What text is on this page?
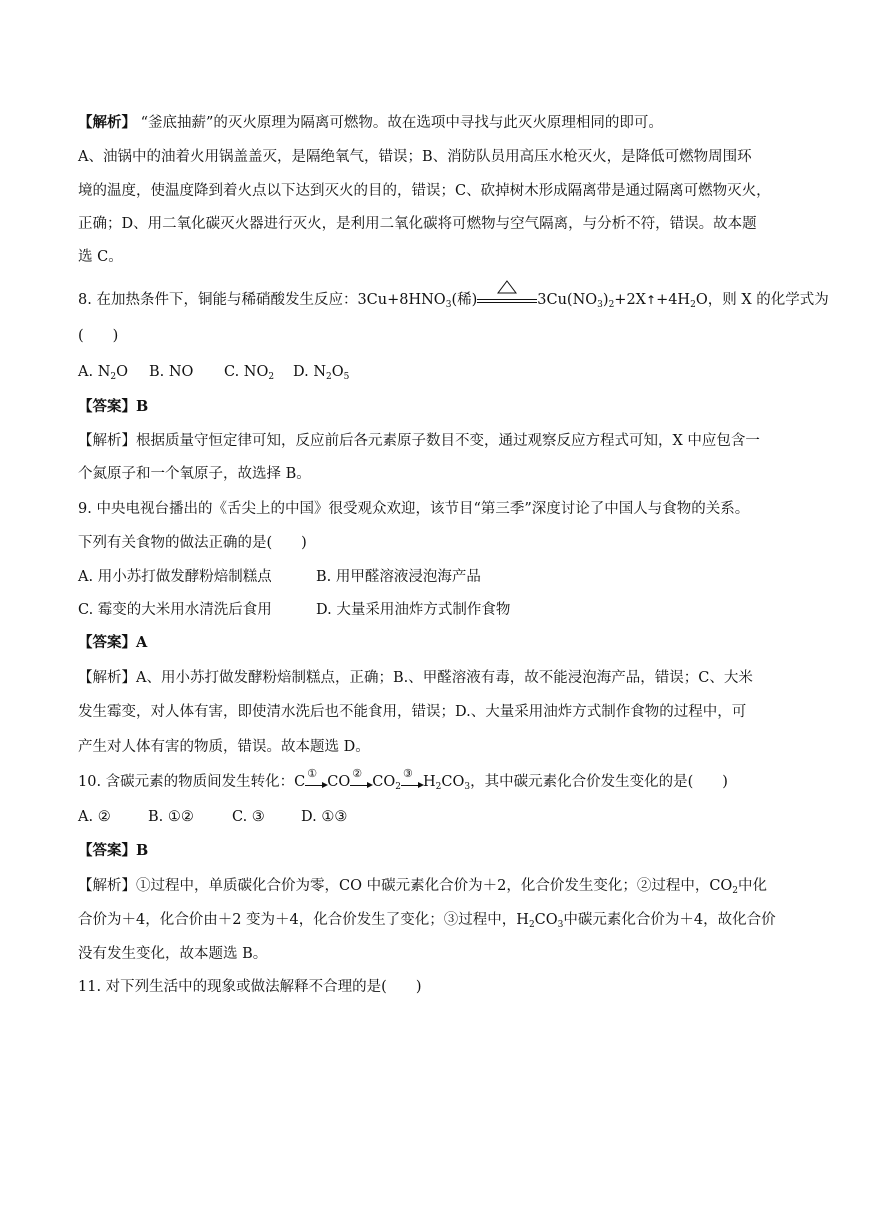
【解析】 “釜底抽薪”的灭火原理为隔离可燃物。故在选项中寻找与此灭火原理相同的即可。
A、油锅中的油着火用锅盖盖灭，是隔绝氧气，错误；B、消防队员用高压水枪灭火，是降低可燃物周围环
境的温度，使温度降到着火点以下达到灭火的目的，错误；C、砍掉树木形成隔离带是通过隔离可燃物灭火，
正确；D、用二氧化碳灭火器进行灭火，是利用二氧化碳将可燃物与空气隔离，与分析不符，错误。故本题
选 C。
8. 在加热条件下，铜能与稀硝酸发生反应：$3Cu+8HNO_3$(稀)	$3Cu(NO_3)_2+2X↑+4H_2O$，则 X 的化学式为
(　　)
A. $N_2O$ B. NO C. $NO_2$ D. $N_2O_5$
【答案】B
【解析】根据质量守恒定律可知，反应前后各元素原子数目不变，通过观察反应方程式可知，X 中应包含一
个氮原子和一个氧原子，故选择 B。
9. 中央电视台播出的《舌尖上的中国》很受观众欢迎，该节目“第三季”深度讨论了中国人与食物的关系。
下列有关食物的做法正确的是(　　)
A. 用小苏打做发酵粉焙制糕点	B. 用甲醛溶液浸泡海产品
C. 霉变的大米用水清洗后食用	D. 大量采用油炸方式制作食物
【答案】A
【解析】A、用小苏打做发酵粉焙制糕点，正确；B.、甲醛溶液有毒，故不能浸泡海产品，错误；C、大米
发生霉变，对人体有害，即使清水洗后也不能食用，错误；D.、大量采用油炸方式制作食物的过程中，可
产生对人体有害的物质，错误。故本题选 D。
10. 含碳元素的物质间发生转化：C
①
CO
②
$CO_2$
③
$H_2CO_3$，其中碳元素化合价发生变化的是(　　)
A. ②	B. ①②	C. ③ D. ①③
【答案】B
【解析】①过程中，单质碳化合价为零，CO 中碳元素化合价为＋2，化合价发生变化；②过程中，$CO_2$中化
合价为＋4，化合价由＋2 变为＋4，化合价发生了变化；③过程中，$H_2CO_3$中碳元素化合价为＋4，故化合价
没有发生变化，故本题选 B。
11. 对下列生活中的现象或做法解释不合理的是(　　)
